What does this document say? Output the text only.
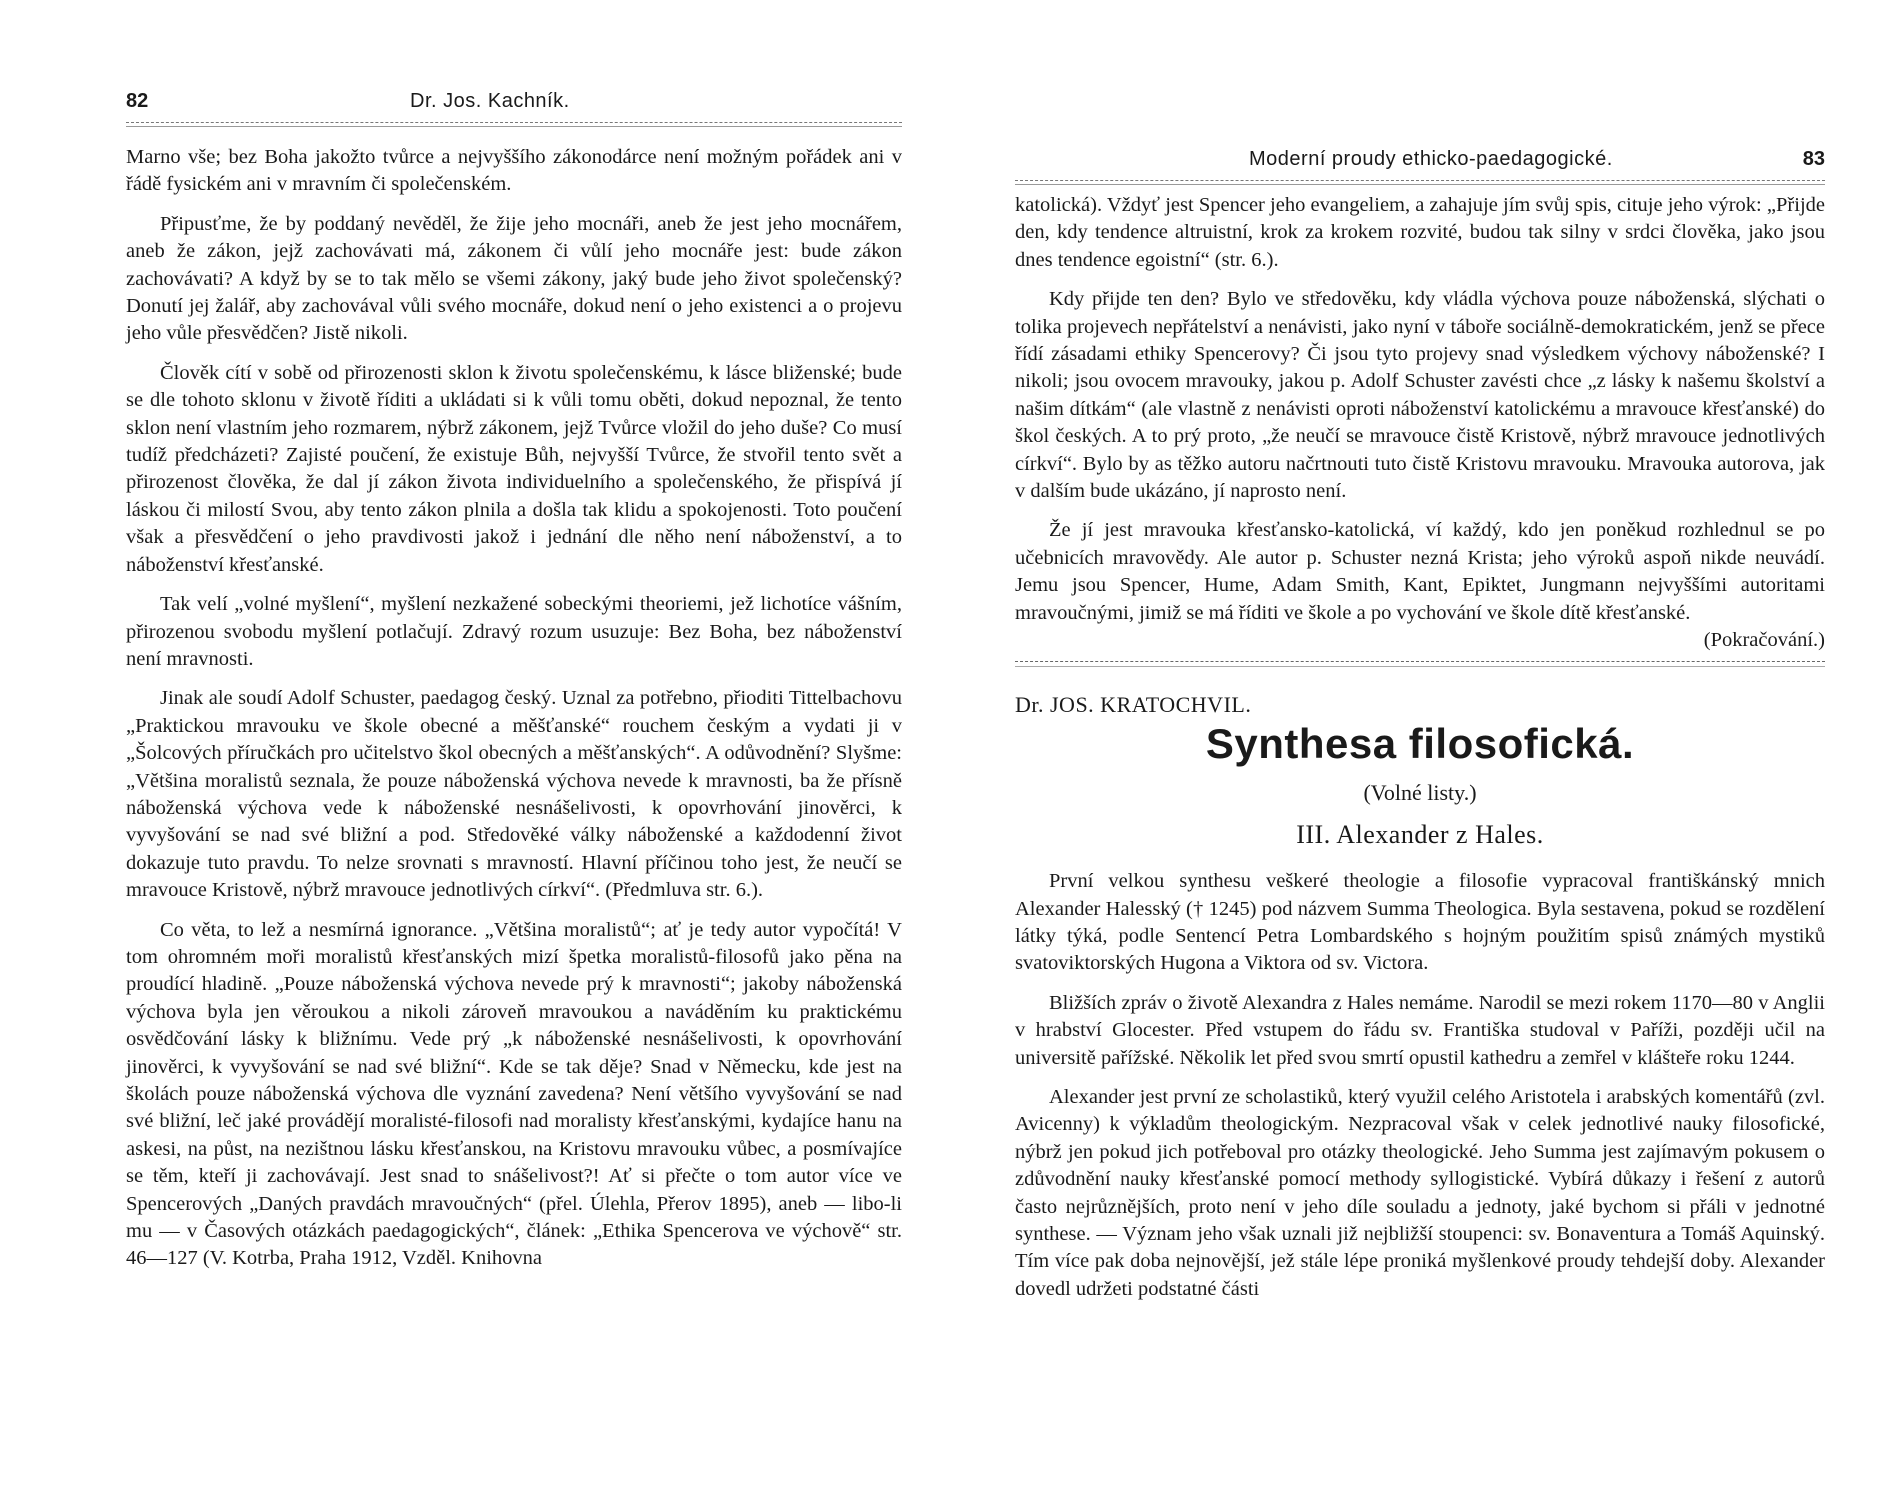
82	Dr. Jos. Kachník.

Marno vše; bez Boha jakožto tvůrce a nejvyššího zákonodárce není možným pořádek ani v řádě fysickém ani v mravním či společenském.

Připusťme, že by poddaný nevěděl, že žije jeho mocnáři, aneb že jest jeho mocnářem, aneb že zákon, jejž zachovávati má, zákonem či vůlí jeho mocnáře jest: bude zákon zachovávati? A když by se to tak mělo se všemi zákony, jaký bude jeho život společenský? Donutí jej žalář, aby zachovával vůli svého mocnáře, dokud není o jeho existenci a o projevu jeho vůle přesvědčen? Jistě nikoli.

Člověk cítí v sobě od přirozenosti sklon k životu společenskému, k lásce bliženské; bude se dle tohoto sklonu v životě říditi a ukládati si k vůli tomu oběti, dokud nepoznal, že tento sklon není vlastním jeho rozmarem, nýbrž zákonem, jejž Tvůrce vložil do jeho duše? Co musí tudíž předcházeti? Zajisté poučení, že existuje Bůh, nejvyšší Tvůrce, že stvořil tento svět a přirozenost člověka, že dal jí zákon života individuelního a společenského, že přispívá jí láskou či milostí Svou, aby tento zákon plnila a došla tak klidu a spokojenosti. Toto poučení však a přesvědčení o jeho pravdivosti jakož i jednání dle něho není náboženství, a to náboženství křesťanské.

Tak velí „volné myšlení“, myšlení nezkažené sobeckými theoriemi, jež lichotíce vášním, přirozenou svobodu myšlení potlačují. Zdravý rozum usuzuje: Bez Boha, bez náboženství není mravnosti.

Jinak ale soudí Adolf Schuster, paedagog český. Uznal za potřebno, přioditi Tittelbachovu „Praktickou mravouku ve škole obecné a měšťanské“ rouchem českým a vydati ji v „Šolcových příručkách pro učitelstvo škol obecných a měšťanských“. A odůvodnění? Slyšme: „Většina moralistů seznala, že pouze náboženská výchova nevede k mravnosti, ba že přísně náboženská výchova vede k náboženské nesnášelivosti, k opovrhování jinověrci, k vyvyšování se nad své bližní a pod. Středověké války náboženské a každodenní život dokazuje tuto pravdu. To nelze srovnati s mravností. Hlavní příčinou toho jest, že neučí se mravouce Kristově, nýbrž mravouce jednotlivých církví“. (Předmluva str. 6.).

Co věta, to lež a nesmírná ignorance. „Většina moralistů“; ať je tedy autor vypočítá! V tom ohromném moři moralistů křesťanských mizí špetka moralistů-filosofů jako pěna na proudící hladině. „Pouze náboženská výchova nevede prý k mravnosti“; jakoby náboženská výchova byla jen věroukou a nikoli zároveň mravoukou a naváděním ku praktickému osvědčování lásky k bližnímu. Vede prý „k náboženské nesnášelivosti, k opovrhování jinověrci, k vyvyšování se nad své bližní“. Kde se tak děje? Snad v Německu, kde jest na školách pouze náboženská výchova dle vyznání zavedena? Není většího vyvyšování se nad své bližní, leč jaké provádějí moralisté-filosofi nad moralisty křesťanskými, kydajíce hanu na askesi, na půst, na nezištnou lásku křesťanskou, na Kristovu mravouku vůbec, a posmívajíce se těm, kteří ji zachovávají. Jest snad to snášelivost?! Ať si přečte o tom autor více ve Spencerových „Daných pravdách mravoučných“ (přel. Úlehla, Přerov 1895), aneb — libo-li mu — v Časových otázkách paedagogických“, článek: „Ethika Spencerova ve výchově“ str. 46—127 (V. Kotrba, Praha 1912, Vzděl. Knihovna

Moderní proudy ethicko-paedagogické.	83

katolická). Vždyť jest Spencer jeho evangeliem, a zahajuje jím svůj spis, cituje jeho výrok: „Přijde den, kdy tendence altruistní, krok za krokem rozvité, budou tak silny v srdci člověka, jako jsou dnes tendence egoistní“ (str. 6.).

Kdy přijde ten den? Bylo ve středověku, kdy vládla výchova pouze náboženská, slýchati o tolika projevech nepřátelství a nenávisti, jako nyní v táboře sociálně-demokratickém, jenž se přece řídí zásadami ethiky Spencerovy? Či jsou tyto projevy snad výsledkem výchovy náboženské? I nikoli; jsou ovocem mravouky, jakou p. Adolf Schuster zavésti chce „z lásky k našemu školství a našim dítkám“ (ale vlastně z nenávisti oproti náboženství katolickému a mravouce křesťanské) do škol českých. A to prý proto, „že neučí se mravouce čistě Kristově, nýbrž mravouce jednotlivých církví“. Bylo by as těžko autoru načrtnouti tuto čistě Kristovu mravouku. Mravouka autorova, jak v dalším bude ukázáno, jí naprosto není.

Že jí jest mravouka křesťansko-katolická, ví každý, kdo jen poněkud rozhlednul se po učebnicích mravovědy. Ale autor p. Schuster nezná Krista; jeho výroků aspoň nikde neuvádí. Jemu jsou Spencer, Hume, Adam Smith, Kant, Epiktet, Jungmann nejvyššími autoritami mravoučnými, jimiž se má říditi ve škole a po vychování ve škole dítě křesťanské.
(Pokračování.)

Dr. JOS. KRATOCHVIL.
Synthesa filosofická.
(Volné listy.)
III. Alexander z Hales.

První velkou synthesu veškeré theologie a filosofie vypracoval františkánský mnich Alexander Halesský († 1245) pod názvem Summa Theologica. Byla sestavena, pokud se rozdělení látky týká, podle Sentencí Petra Lombardského s hojným použitím spisů známých mystiků svatoviktorských Hugona a Viktora od sv. Victora.

Bližších zpráv o životě Alexandra z Hales nemáme. Narodil se mezi rokem 1170—80 v Anglii v hrabství Glocester. Před vstupem do řádu sv. Františka studoval v Paříži, později učil na universitě pařížské. Několik let před svou smrtí opustil kathedru a zemřel v klášteře roku 1244.

Alexander jest první ze scholastiků, který využil celého Aristotela i arabských komentářů (zvl. Avicenny) k výkladům theologickým. Nezpracoval však v celek jednotlivé nauky filosofické, nýbrž jen pokud jich potřeboval pro otázky theologické. Jeho Summa jest zajímavým pokusem o zdůvodnění nauky křesťanské pomocí methody syllogistické. Vybírá důkazy i řešení z autorů často nejrůznějších, proto není v jeho díle souladu a jednoty, jaké bychom si přáli v jednotné synthese. — Význam jeho však uznali již nejbližší stoupenci: sv. Bonaventura a Tomáš Aquinský. Tím více pak doba nejnovější, jež stále lépe proniká myšlenkové proudy tehdejší doby. Alexander dovedl udržeti podstatné části
